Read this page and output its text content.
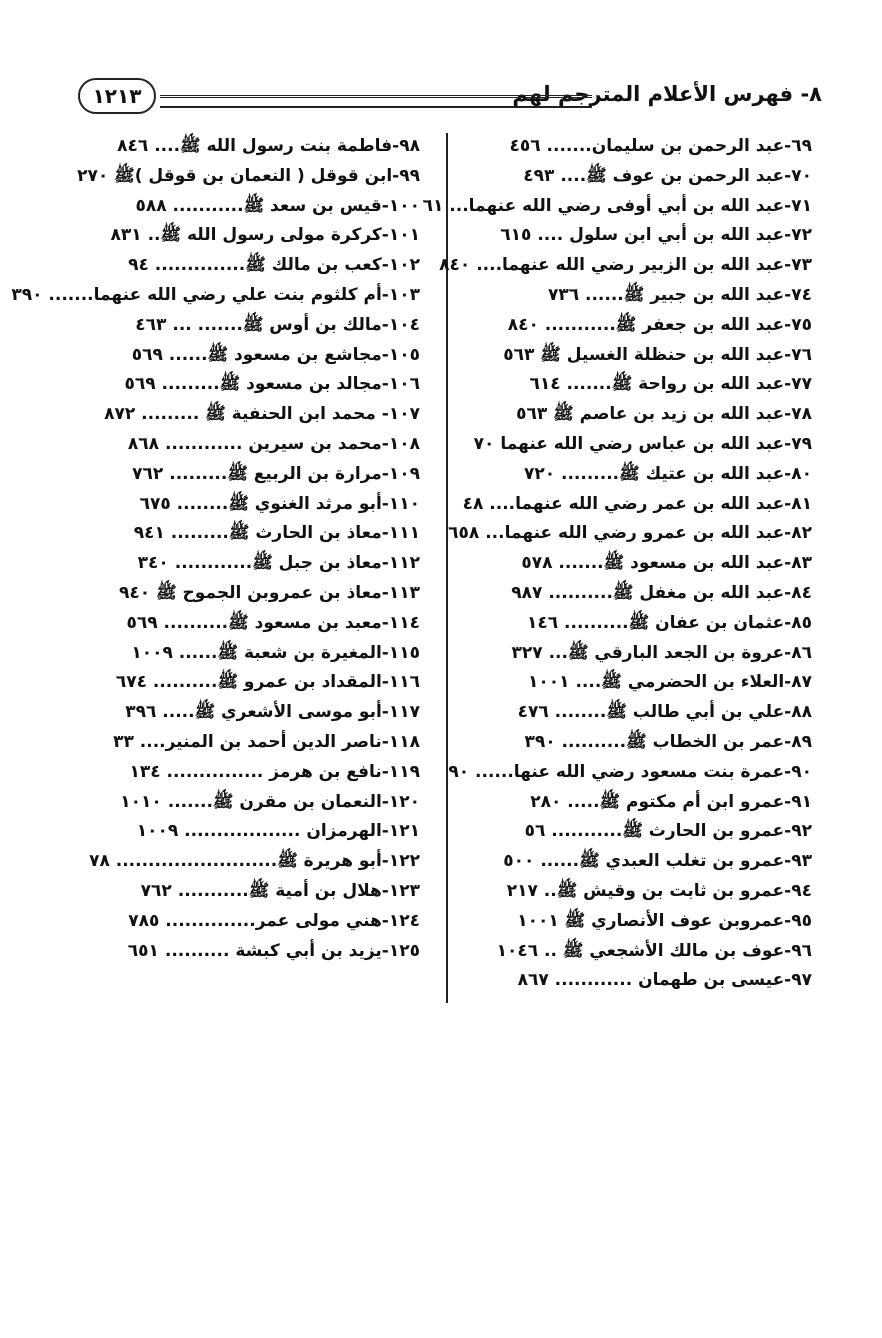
٨- فهرس الأعلام المترجم لهم
١٢١٣
٦٩-عبد الرحمن بن سليمان....... ٤٥٦
٧٠-عبد الرحمن بن عوف ﷺ.... ٤٩٣
٧١-عبد الله بن أبي أوفى رضي الله عنهما... ٦١
٧٢-عبد الله بن أبي ابن سلول .... ٦١٥
٧٣-عبد الله بن الزبير رضي الله عنهما.... ٨٤٠
٧٤-عبد الله بن جبير ﷺ...... ٧٣٦
٧٥-عبد الله بن جعفر ﷺ........... ٨٤٠
٧٦-عبد الله بن حنظلة الغسيل ﷺ ٥٦٣
٧٧-عبد الله بن رواحة ﷺ....... ٦١٤
٧٨-عبد الله بن زيد بن عاصم ﷺ ٥٦٣
٧٩-عبد الله بن عباس رضي الله عنهما ٧٠
٨٠-عبد الله بن عتيك ﷺ......... ٧٢٠
٨١-عبد الله بن عمر رضي الله عنهما.... ٤٨
٨٢-عبد الله بن عمرو رضي الله عنهما... ٦٥٨
٨٣-عبد الله بن مسعود ﷺ....... ٥٧٨
٨٤-عبد الله بن مغفل ﷺ.......... ٩٨٧
٨٥-عثمان بن عفان ﷺ.......... ١٤٦
٨٦-عروة بن الجعد البارقي ﷺ... ٣٢٧
٨٧-العلاء بن الحضرمي ﷺ.... ١٠٠١
٨٨-علي بن أبي طالب ﷺ........ ٤٧٦
٨٩-عمر بن الخطاب ﷺ.......... ٣٩٠
٩٠-عمرة بنت مسعود رضي الله عنها...... ٩٠
٩١-عمرو ابن أم مكتوم ﷺ..... ٢٨٠
٩٢-عمرو بن الحارث ﷺ........... ٥٦
٩٣-عمرو بن تغلب العبدي ﷺ...... ٥٠٠
٩٤-عمرو بن ثابت بن وقيش ﷺ.. ٢١٧
٩٥-عمروبن عوف الأنصاري ﷺ ١٠٠١
٩٦-عوف بن مالك الأشجعي ﷺ .. ١٠٤٦
٩٧-عيسى بن طهمان ............ ٨٦٧
٩٨-فاطمة بنت رسول الله ﷺ.... ٨٤٦
٩٩-ابن قوقل ( النعمان بن قوقل )ﷺ ٢٧٠
١٠٠-قيس بن سعد ﷺ........... ٥٨٨
١٠١-كركرة مولى رسول الله ﷺ.. ٨٣١
١٠٢-كعب بن مالك ﷺ.............. ٩٤
١٠٣-أم كلثوم بنت علي رضي الله عنهما....... ٣٩٠
١٠٤-مالك بن أوس ﷺ....... ... ٤٦٣
١٠٥-مجاشع بن مسعود ﷺ...... ٥٦٩
١٠٦-مجالد بن مسعود ﷺ......... ٥٦٩
١٠٧- محمد ابن الحنفية ﷺ ......... ٨٧٢
١٠٨-محمد بن سيرين ............ ٨٦٨
١٠٩-مرارة بن الربيع ﷺ......... ٧٦٢
١١٠-أبو مرثد الغنوي ﷺ........ ٦٧٥
١١١-معاذ بن الحارث ﷺ......... ٩٤١
١١٢-معاذ بن جبل ﷺ............ ٣٤٠
١١٣-معاذ بن عمروبن الجموح ﷺ ٩٤٠
١١٤-معبد بن مسعود ﷺ.......... ٥٦٩
١١٥-المغيرة بن شعبة ﷺ...... ١٠٠٩
١١٦-المقداد بن عمرو ﷺ.......... ٦٧٤
١١٧-أبو موسى الأشعري ﷺ..... ٣٩٦
١١٨-ناصر الدين أحمد بن المنير.... ٣٣
١١٩-نافع بن هرمز ............... ١٣٤
١٢٠-النعمان بن مقرن ﷺ....... ١٠١٠
١٢١-الهرمزان .................. ١٠٠٩
١٢٢-أبو هريرة ﷺ......................... ٧٨
١٢٣-هلال بن أمية ﷺ........... ٧٦٢
١٢٤-هني مولى عمر.............. ٧٨٥
١٢٥-يزيد بن أبي كبشة .......... ٦٥١
